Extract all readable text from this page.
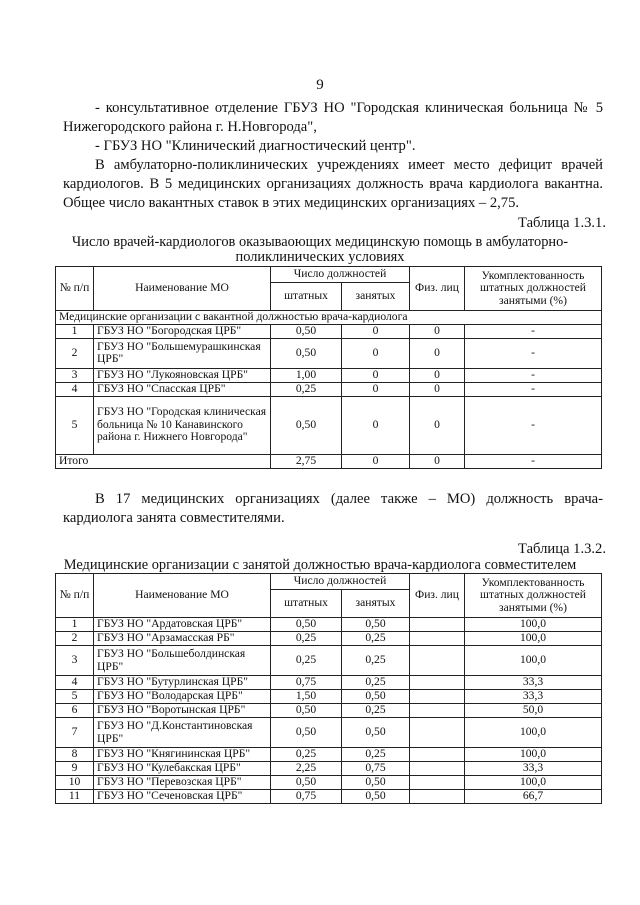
9

- консультативное отделение ГБУЗ НО "Городская клиническая больница № 5 Нижегородского района г. Н.Новгорода",

- ГБУЗ НО "Клинический диагностический центр".

В амбулаторно-поликлинических учреждениях имеет место дефицит врачей кардиологов. В 5 медицинских организациях должность врача кардиолога вакантна. Общее число вакантных ставок в этих медицинских организациях – 2,75.

Таблица 1.3.1.
Число врачей-кардиологов оказываоющих медицинскую помощь в амбулаторно-поликлинических условиях
№ п/п	Наименование МО	Число должностей		Физ. лиц	Укомплектованность штатных должностей занятыми (%)
		штатных	занятых		
Медицинские организации с вакантной должностью врача-кардиолога					
1	ГБУЗ НО "Богородская ЦРБ"	0,50	0	0	-
2	ГБУЗ НО "Большемурашкинская ЦРБ"	0,50	0	0	-
3	ГБУЗ НО "Лукояновская ЦРБ"	1,00	0	0	-
4	ГБУЗ НО "Спасская ЦРБ"	0,25	0	0	-
5	ГБУЗ НО "Городская клиническая больница № 10 Канавинского района г. Нижнего Новгорода"	0,50	0	0	-
Итого		2,75	0	0	-

В 17 медицинских организациях (далее также – МО) должность врача-кардиолога занята совместителями.

Таблица 1.3.2.
Медицинские организации с занятой должностью врача-кардиолога совместителем
№ п/п	Наименование МО	Число должностей		Физ. лиц	Укомплектованность штатных должностей занятыми (%)
		штатных	занятых		
1	ГБУЗ НО "Ардатовская ЦРБ"	0,50	0,50		100,0
2	ГБУЗ НО "Арзамасская РБ"	0,25	0,25		100,0
3	ГБУЗ НО "Большеболдинская ЦРБ"	0,25	0,25		100,0
4	ГБУЗ НО "Бутурлинская ЦРБ"	0,75	0,25		33,3
5	ГБУЗ НО "Володарская ЦРБ"	1,50	0,50		33,3
6	ГБУЗ НО "Воротынская ЦРБ"	0,50	0,25		50,0
7	ГБУЗ НО "Д.Константиновская ЦРБ"	0,50	0,50		100,0
8	ГБУЗ НО "Княгининская ЦРБ"	0,25	0,25		100,0
9	ГБУЗ НО "Кулебакская ЦРБ"	2,25	0,75		33,3
10	ГБУЗ НО "Перевозская ЦРБ"	0,50	0,50		100,0
11	ГБУЗ НО "Сеченовская ЦРБ"	0,75	0,50		66,7
